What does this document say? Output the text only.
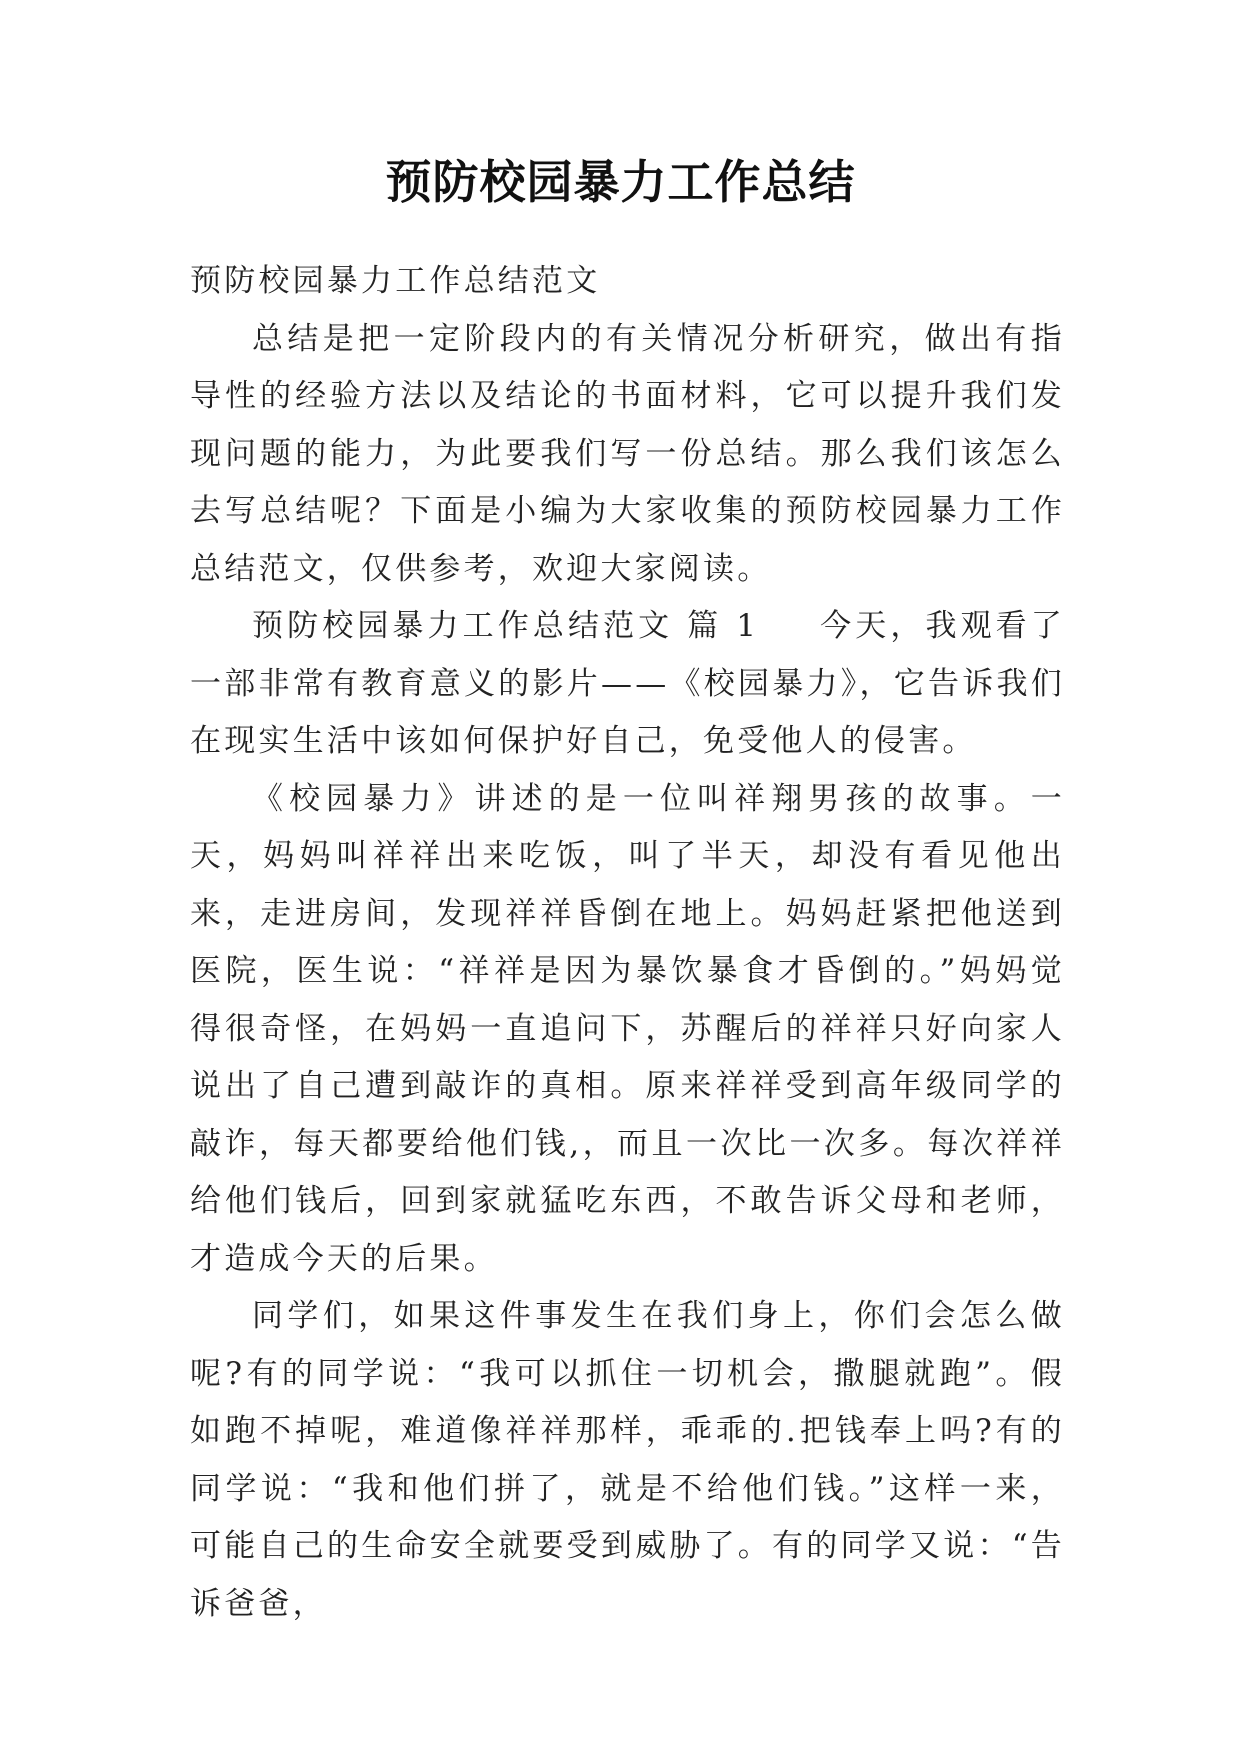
预防校园暴力工作总结

预防校园暴力工作总结范文

总结是把一定阶段内的有关情况分析研究，做出有指导性的经验方法以及结论的书面材料，它可以提升我们发现问题的能力，为此要我们写一份总结。那么我们该怎么去写总结呢？下面是小编为大家收集的预防校园暴力工作总结范文，仅供参考，欢迎大家阅读。

预防校园暴力工作总结范文 篇 1 今天，我观看了一部非常有教育意义的影片——《校园暴力》，它告诉我们在现实生活中该如何保护好自己，免受他人的侵害。

《校园暴力》讲述的是一位叫祥翔男孩的故事。一天，妈妈叫祥祥出来吃饭，叫了半天，却没有看见他出来，走进房间，发现祥祥昏倒在地上。妈妈赶紧把他送到医院，医生说：“祥祥是因为暴饮暴食才昏倒的。”妈妈觉得很奇怪，在妈妈一直追问下，苏醒后的祥祥只好向家人说出了自己遭到敲诈的真相。原来祥祥受到高年级同学的敲诈，每天都要给他们钱,，而且一次比一次多。每次祥祥给他们钱后，回到家就猛吃东西，不敢告诉父母和老师，才造成今天的后果。

同学们，如果这件事发生在我们身上，你们会怎么做呢?有的同学说：“我可以抓住一切机会，撒腿就跑”。假如跑不掉呢，难道像祥祥那样，乖乖的.把钱奉上吗?有的同学说：“我和他们拼了，就是不给他们钱。”这样一来，可能自己的生命安全就要受到威胁了。有的同学又说：“告诉爸爸，
